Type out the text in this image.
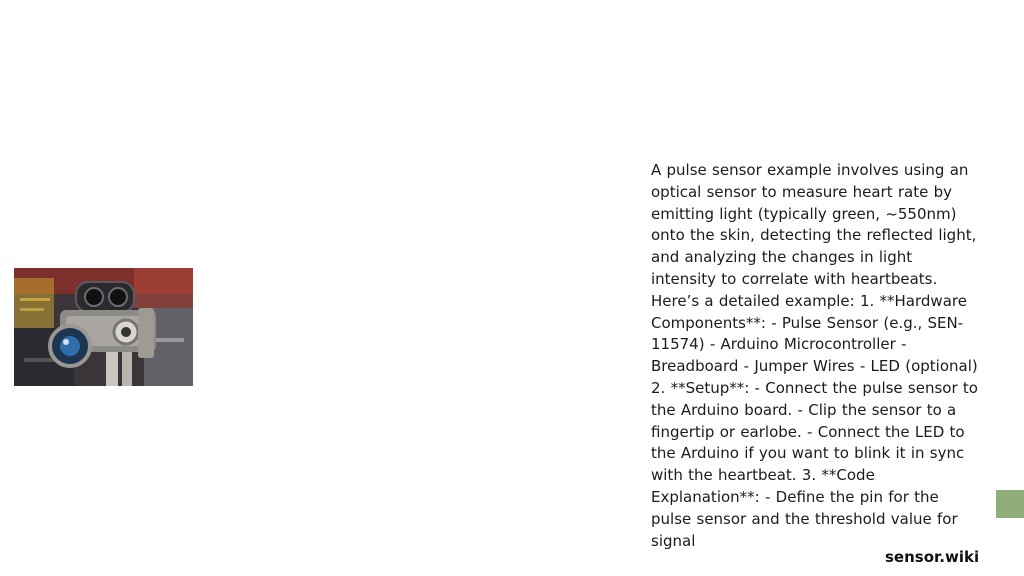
A pulse sensor example involves using an optical sensor to measure heart rate by emitting light (typically green, ~550nm) onto the skin, detecting the reflected light, and analyzing the changes in light intensity to correlate with heartbeats. Here’s a detailed example: 1. **Hardware Components**: - Pulse Sensor (e.g., SEN-11574) - Arduino Microcontroller - Breadboard - Jumper Wires - LED (optional) 2. **Setup**: - Connect the pulse sensor to the Arduino board. - Clip the sensor to a fingertip or earlobe. - Connect the LED to the Arduino if you want to blink it in sync with the heartbeat. 3. **Code Explanation**: - Define the pin for the pulse sensor and the threshold value for signal

sensor.wiki
